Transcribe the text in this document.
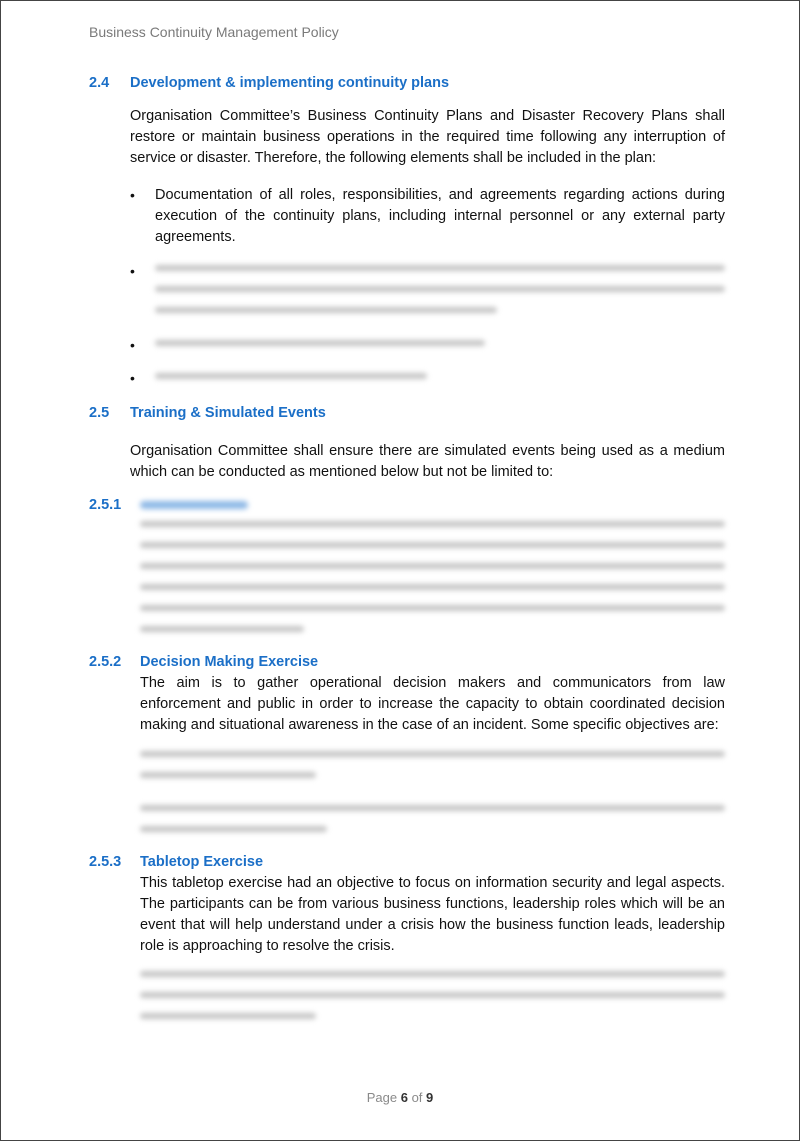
Business Continuity Management Policy
2.4 Development & implementing continuity plans
Organisation Committee’s Business Continuity Plans and Disaster Recovery Plans shall restore or maintain business operations in the required time following any interruption of service or disaster. Therefore, the following elements shall be included in the plan:
• Documentation of all roles, responsibilities, and agreements regarding actions during execution of the continuity plans, including internal personnel or any external party agreements.
•
•
•
2.5 Training & Simulated Events
Organisation Committee shall ensure there are simulated events being used as a medium which can be conducted as mentioned below but not be limited to:
2.5.1
2.5.2 Decision Making Exercise
The aim is to gather operational decision makers and communicators from law enforcement and public in order to increase the capacity to obtain coordinated decision making and situational awareness in the case of an incident. Some specific objectives are:
2.5.3 Tabletop Exercise
This tabletop exercise had an objective to focus on information security and legal aspects. The participants can be from various business functions, leadership roles which will be an event that will help understand under a crisis how the business function leads, leadership role is approaching to resolve the crisis.
Page 6 of 9
